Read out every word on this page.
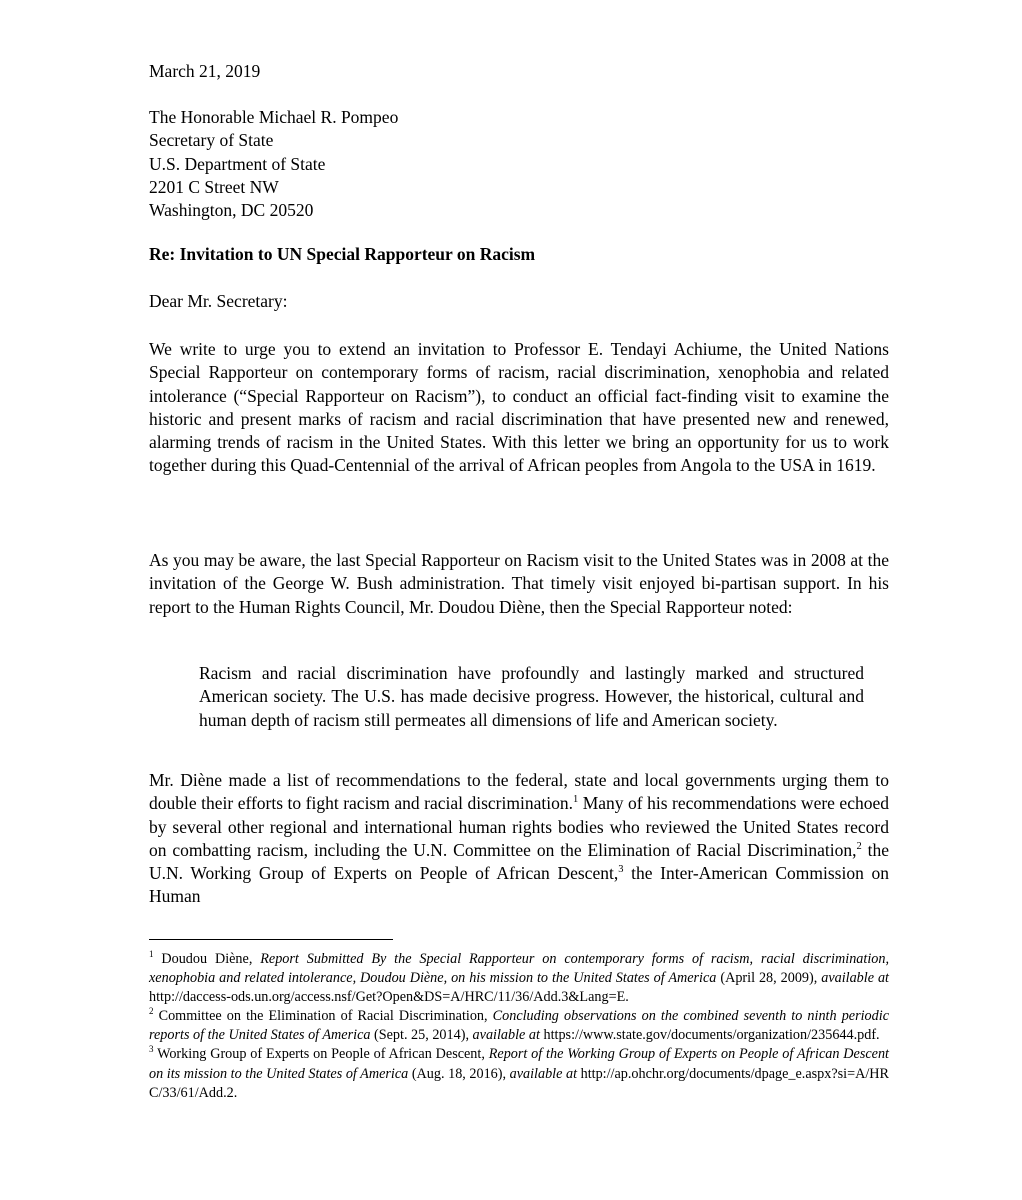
March 21, 2019
The Honorable Michael R. Pompeo
Secretary of State
U.S. Department of State
2201 C Street NW
Washington, DC 20520
Re: Invitation to UN Special Rapporteur on Racism
Dear Mr. Secretary:
We write to urge you to extend an invitation to Professor E. Tendayi Achiume, the United Nations Special Rapporteur on contemporary forms of racism, racial discrimination, xenophobia and related intolerance (“Special Rapporteur on Racism”), to conduct an official fact-finding visit to examine the historic and present marks of racism and racial discrimination that have presented new and renewed, alarming trends of racism in the United States. With this letter we bring an opportunity for us to work together during this Quad-Centennial of the arrival of African peoples from Angola to the USA in 1619.
As you may be aware, the last Special Rapporteur on Racism visit to the United States was in 2008 at the invitation of the George W. Bush administration. That timely visit enjoyed bi-partisan support. In his report to the Human Rights Council, Mr. Doudou Diène, then the Special Rapporteur noted:
Racism and racial discrimination have profoundly and lastingly marked and structured American society. The U.S. has made decisive progress. However, the historical, cultural and human depth of racism still permeates all dimensions of life and American society.
Mr. Diène made a list of recommendations to the federal, state and local governments urging them to double their efforts to fight racism and racial discrimination.$^1$ Many of his recommendations were echoed by several other regional and international human rights bodies who reviewed the United States record on combatting racism, including the U.N. Committee on the Elimination of Racial Discrimination,$^2$ the U.N. Working Group of Experts on People of African Descent,$^3$ the Inter-American Commission on Human

$^1$ Doudou Diène, Report Submitted By the Special Rapporteur on contemporary forms of racism, racial discrimination, xenophobia and related intolerance, Doudou Diène, on his mission to the United States of America (April 28, 2009), available at http://daccess-ods.un.org/access.nsf/Get?Open&DS=A/HRC/11/36/Add.3&Lang=E.

$^2$ Committee on the Elimination of Racial Discrimination, Concluding observations on the combined seventh to ninth periodic reports of the United States of America (Sept. 25, 2014), available at https://www.state.gov/documents/organization/235644.pdf.

$^3$ Working Group of Experts on People of African Descent, Report of the Working Group of Experts on People of African Descent on its mission to the United States of America (Aug. 18, 2016), available at http://ap.ohchr.org/documents/dpage_e.aspx?si=A/HRC/33/61/Add.2.
